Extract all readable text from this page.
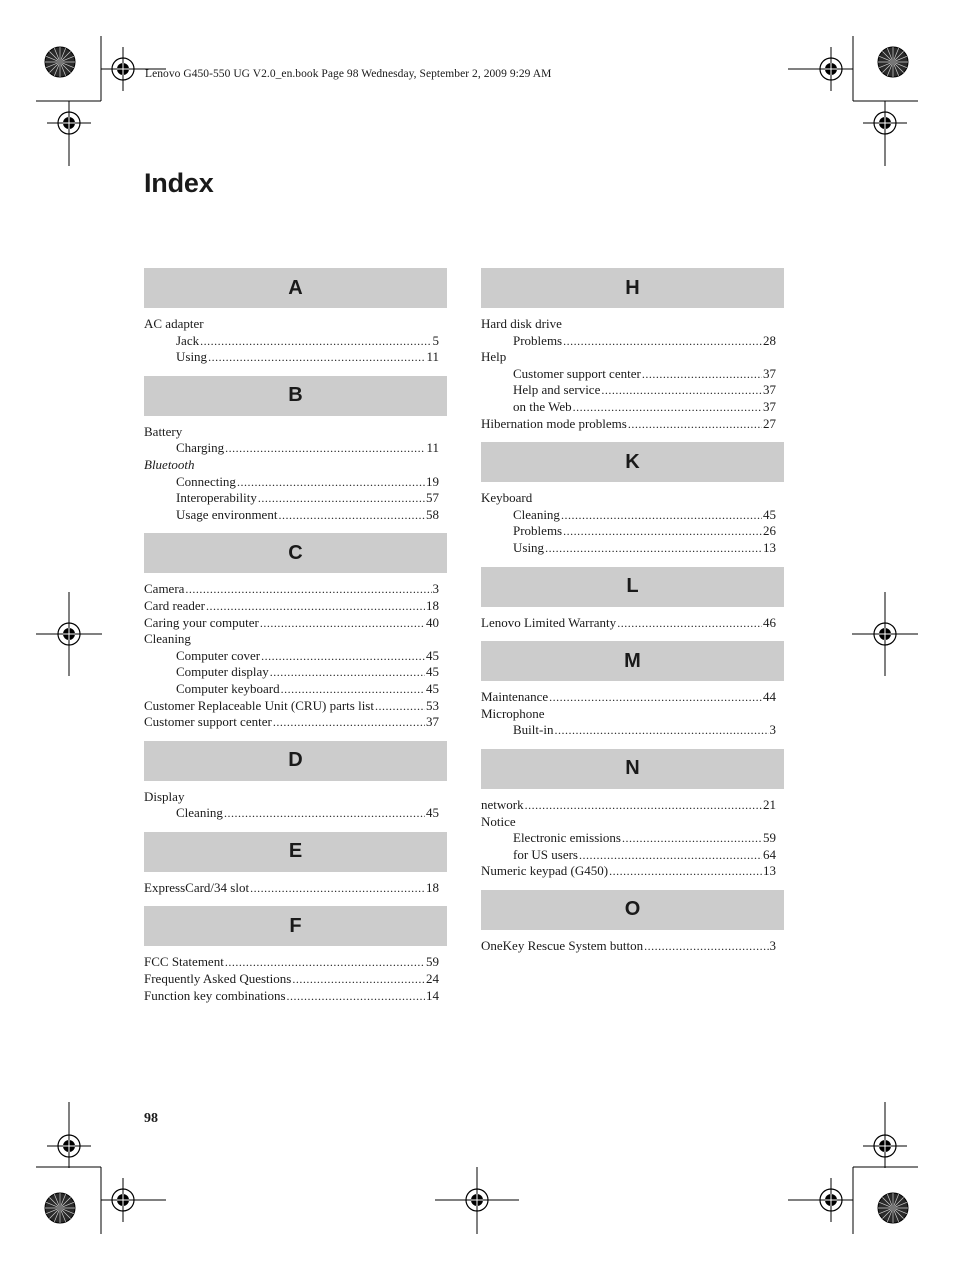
Lenovo G450-550 UG V2.0_en.book Page 98 Wednesday, September 2, 2009 9:29 AM
Index
A
AC adapter
Jack .....	5
Using .....	11
B
Battery
Charging .....	11
Bluetooth
Connecting .....	19
Interoperability .....	57
Usage environment .....	58
C
Camera .....	3
Card reader .....	18
Caring your computer .....	40
Cleaning
Computer cover .....	45
Computer display .....	45
Computer keyboard .....	45
Customer Replaceable Unit (CRU) parts list .....	53
Customer support center .....	37
D
Display
Cleaning .....	45
E
ExpressCard/34 slot .....	18
F
FCC Statement .....	59
Frequently Asked Questions .....	24
Function key combinations .....	14
H
Hard disk drive
Problems .....	28
Help
Customer support center .....	37
Help and service .....	37
on the Web .....	37
Hibernation mode problems .....	27
K
Keyboard
Cleaning .....	45
Problems .....	26
Using .....	13
L
Lenovo Limited Warranty .....	46
M
Maintenance .....	44
Microphone
Built-in .....	3
N
network .....	21
Notice
Electronic emissions .....	59
for US users .....	64
Numeric keypad (G450) .....	13
O
OneKey Rescue System button .....	3
98
